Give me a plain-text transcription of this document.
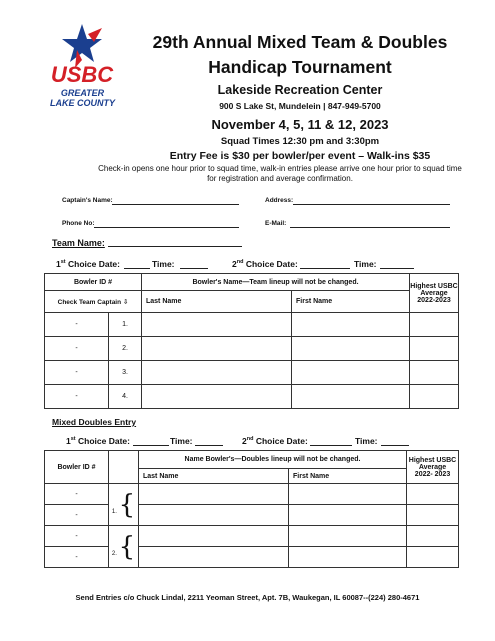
USBC
GREATER
LAKE COUNTY
29th Annual Mixed Team & Doubles
Handicap Tournament
Lakeside Recreation Center
900 S Lake St, Mundelein | 847-949-5700
November 4, 5, 11 & 12, 2023
Squad Times 12:30 pm and 3:30pm
Entry Fee is $30 per bowler/per event – Walk-ins $35
Check-in opens one hour prior to squad time, walk-in entries please arrive one hour prior to squad time for registration and average confirmation.
Captain's Name:	Address:
Phone No:	E-Mail:
Team Name:
1st Choice Date:	Time:	2nd Choice Date:	Time:
Bowler ID #		Bowler's Name—Team lineup will not be changed.		Highest USBC
Average
2022-2023

Check Team Captain ⇩		Last Name	First Name	
-	1.			
-	2.			
-	3.			
-	4.			
Mixed Doubles Entry
1st Choice Date:	Time:	2nd Choice Date:	Time:
Bowler ID #		Name Bowler's—Doubles lineup will not be changed.		Highest USBC
Average
2022- 2023

		Last Name	First Name	
-	1. {			
-				
-	2. {			
-				
Send Entries c/o Chuck Lindal, 2211 Yeoman Street, Apt. 7B, Waukegan, IL 60087--(224) 280-4671
